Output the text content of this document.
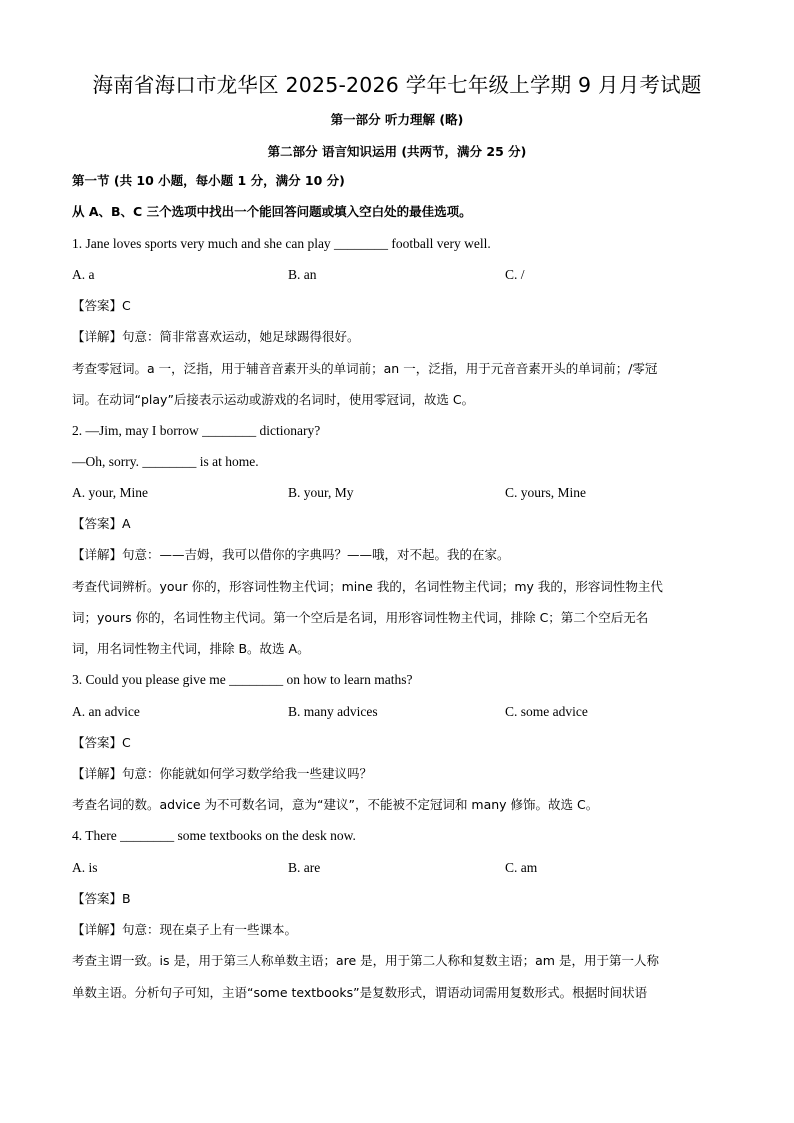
海南省海口市龙华区 2025-2026 学年七年级上学期 9 月月考试题
第一部分 听力理解 (略)
第二部分 语言知识运用 (共两节，满分 25 分)
第一节 (共 10 小题，每小题 1 分，满分 10 分)
从 A、B、C 三个选项中找出一个能回答问题或填入空白处的最佳选项。
1. Jane loves sports very much and she can play ________ football very well.
A. a	B. an	C. /
【答案】C
【详解】句意：简非常喜欢运动，她足球踢得很好。
考查零冠词。a 一，泛指，用于辅音音素开头的单词前；an 一，泛指，用于元音音素开头的单词前；/零冠
词。在动词“play”后接表示运动或游戏的名词时，使用零冠词，故选 C。
2. —Jim, may I borrow ________ dictionary?
—Oh, sorry. ________ is at home.
A. your, Mine	B. your, My	C. yours, Mine
【答案】A
【详解】句意：——吉姆，我可以借你的字典吗？——哦，对不起。我的在家。
考查代词辨析。your 你的，形容词性物主代词；mine 我的，名词性物主代词；my 我的，形容词性物主代
词；yours 你的，名词性物主代词。第一个空后是名词，用形容词性物主代词，排除 C；第二个空后无名
词，用名词性物主代词，排除 B。故选 A。
3. Could you please give me ________ on how to learn maths?
A. an advice	B. many advices	C. some advice
【答案】C
【详解】句意：你能就如何学习数学给我一些建议吗？
考查名词的数。advice 为不可数名词，意为“建议”，不能被不定冠词和 many 修饰。故选 C。
4. There ________ some textbooks on the desk now.
A. is	B. are	C. am
【答案】B
【详解】句意：现在桌子上有一些课本。
考查主谓一致。is 是，用于第三人称单数主语；are 是，用于第二人称和复数主语；am 是，用于第一人称
单数主语。分析句子可知，主语“some textbooks”是复数形式，谓语动词需用复数形式。根据时间状语
